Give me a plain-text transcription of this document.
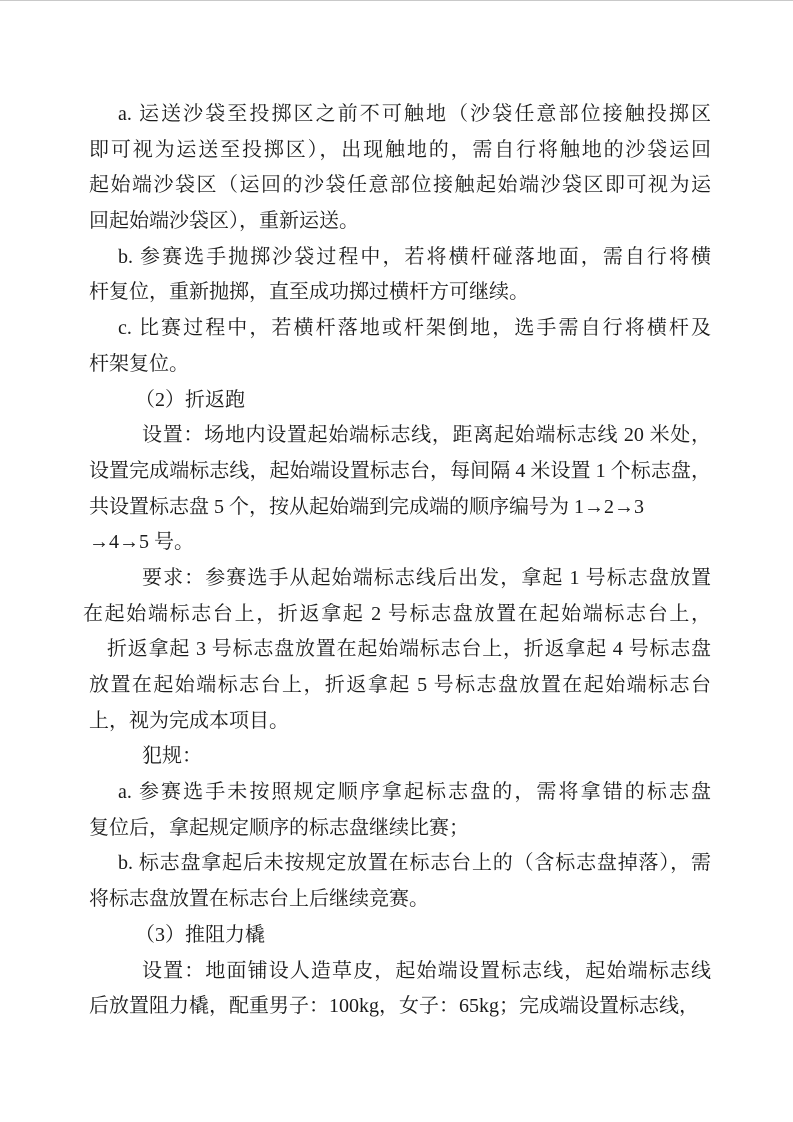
a. 运送沙袋至投掷区之前不可触地（沙袋任意部位接触投掷区
即可视为运送至投掷区），出现触地的，需自行将触地的沙袋运回
起始端沙袋区（运回的沙袋任意部位接触起始端沙袋区即可视为运
回起始端沙袋区），重新运送。
b. 参赛选手抛掷沙袋过程中，若将横杆碰落地面，需自行将横
杆复位，重新抛掷，直至成功掷过横杆方可继续。
c. 比赛过程中，若横杆落地或杆架倒地，选手需自行将横杆及
杆架复位。
（2）折返跑
设置：场地内设置起始端标志线，距离起始端标志线 20 米处，
设置完成端标志线，起始端设置标志台，每间隔 4 米设置 1 个标志盘，
共设置标志盘 5 个，按从起始端到完成端的顺序编号为 1→2→3
→4→5 号。
要求：参赛选手从起始端标志线后出发，拿起 1 号标志盘放置
在起始端标志台上，折返拿起 2 号标志盘放置在起始端标志台上，
折返拿起 3 号标志盘放置在起始端标志台上，折返拿起 4 号标志盘
放置在起始端标志台上，折返拿起 5 号标志盘放置在起始端标志台
上，视为完成本项目。
犯规：
a. 参赛选手未按照规定顺序拿起标志盘的，需将拿错的标志盘
复位后，拿起规定顺序的标志盘继续比赛；
b. 标志盘拿起后未按规定放置在标志台上的（含标志盘掉落），需
将标志盘放置在标志台上后继续竞赛。
（3）推阻力橇
设置：地面铺设人造草皮，起始端设置标志线，起始端标志线
后放置阻力橇，配重男子：100kg，女子：65kg；完成端设置标志线，
